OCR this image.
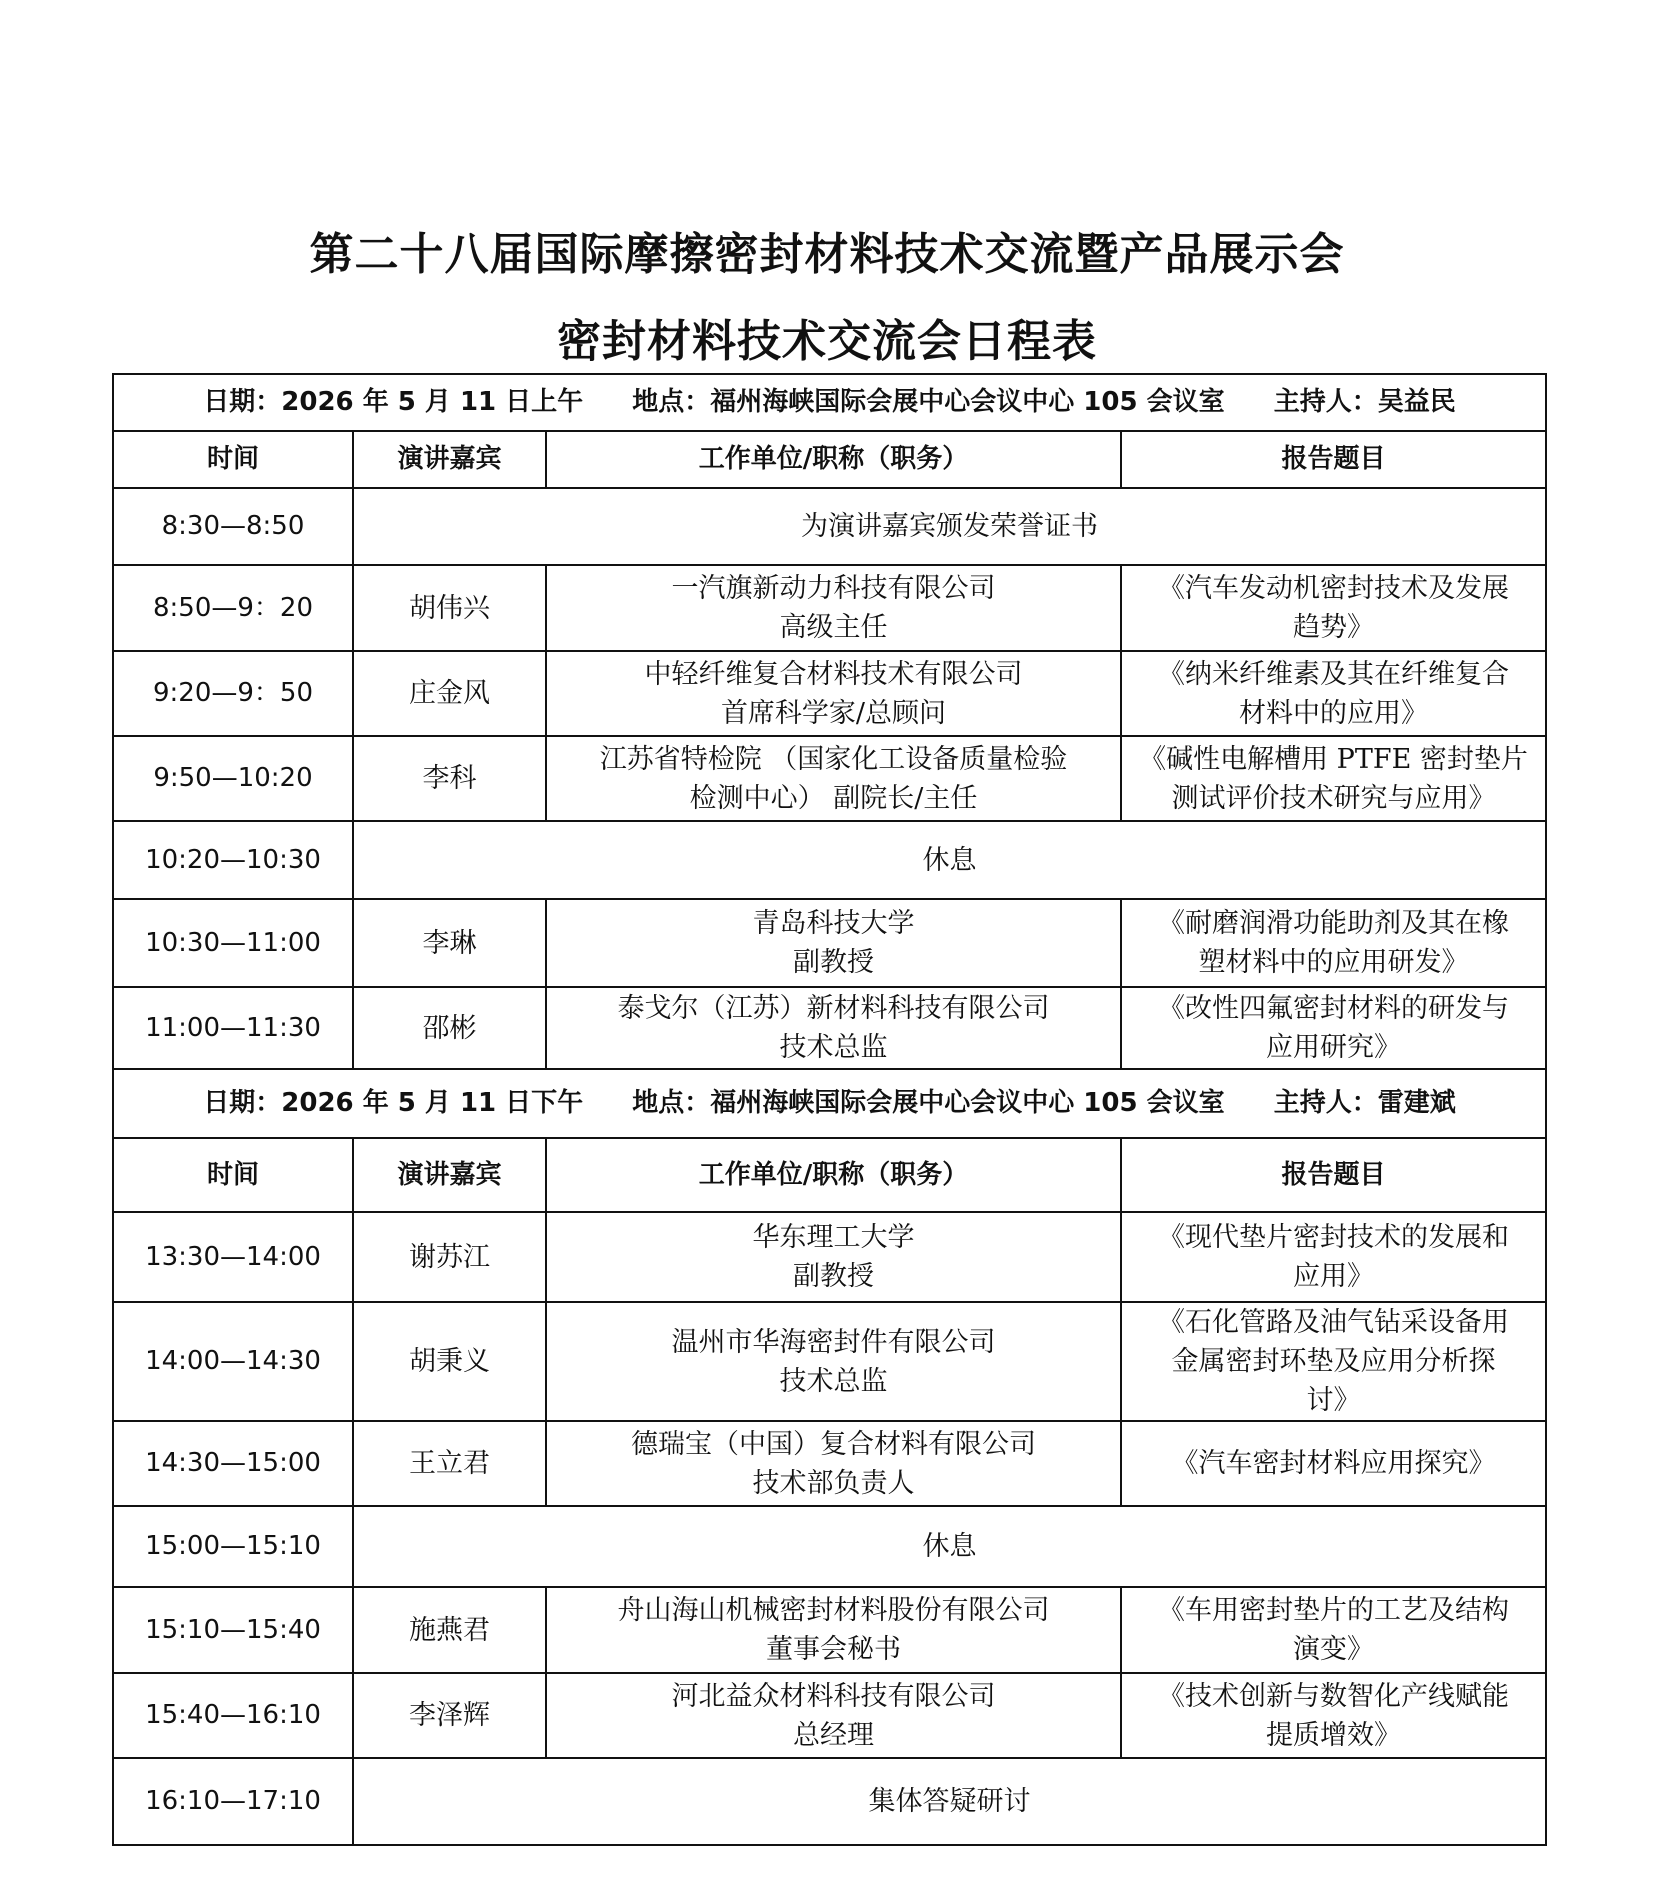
第二十八届国际摩擦密封材料技术交流暨产品展示会
密封材料技术交流会日程表
日期：2026 年 5 月 11 日上午 地点：福州海峡国际会展中心会议中心 105 会议室 主持人：吴益民			
时间	演讲嘉宾	工作单位/职称（职务）	报告题目
8:30—8:50	为演讲嘉宾颁发荣誉证书		
8:50—9：20	胡伟兴	一汽旗新动力科技有限公司
高级主任	《汽车发动机密封技术及发展
趋势》

9:20—9：50	庄金风	中轻纤维复合材料技术有限公司
首席科学家/总顾问	《纳米纤维素及其在纤维复合
材料中的应用》

9:50—10:20	李科	江苏省特检院 （国家化工设备质量检验
检测中心） 副院长/主任	《碱性电解槽用 PTFE 密封垫片
测试评价技术研究与应用》

10:20—10:30	休息		
10:30—11:00	李琳	青岛科技大学
副教授	《耐磨润滑功能助剂及其在橡
塑材料中的应用研发》

11:00—11:30	邵彬	泰戈尔（江苏）新材料科技有限公司
技术总监	《改性四氟密封材料的研发与
应用研究》

日期：2026 年 5 月 11 日下午 地点：福州海峡国际会展中心会议中心 105 会议室 主持人：雷建斌			
时间	演讲嘉宾	工作单位/职称（职务）	报告题目
13:30—14:00	谢苏江	华东理工大学
副教授	《现代垫片密封技术的发展和
应用》

14:00—14:30	胡秉义	温州市华海密封件有限公司
技术总监	《石化管路及油气钻采设备用
金属密封环垫及应用分析探
讨》

14:30—15:00	王立君	德瑞宝（中国）复合材料有限公司
技术部负责人	《汽车密封材料应用探究》

15:00—15:10	休息		
15:10—15:40	施燕君	舟山海山机械密封材料股份有限公司
董事会秘书	《车用密封垫片的工艺及结构
演变》

15:40—16:10	李泽辉	河北益众材料科技有限公司
总经理	《技术创新与数智化产线赋能
提质增效》

16:10—17:10	集体答疑研讨		
